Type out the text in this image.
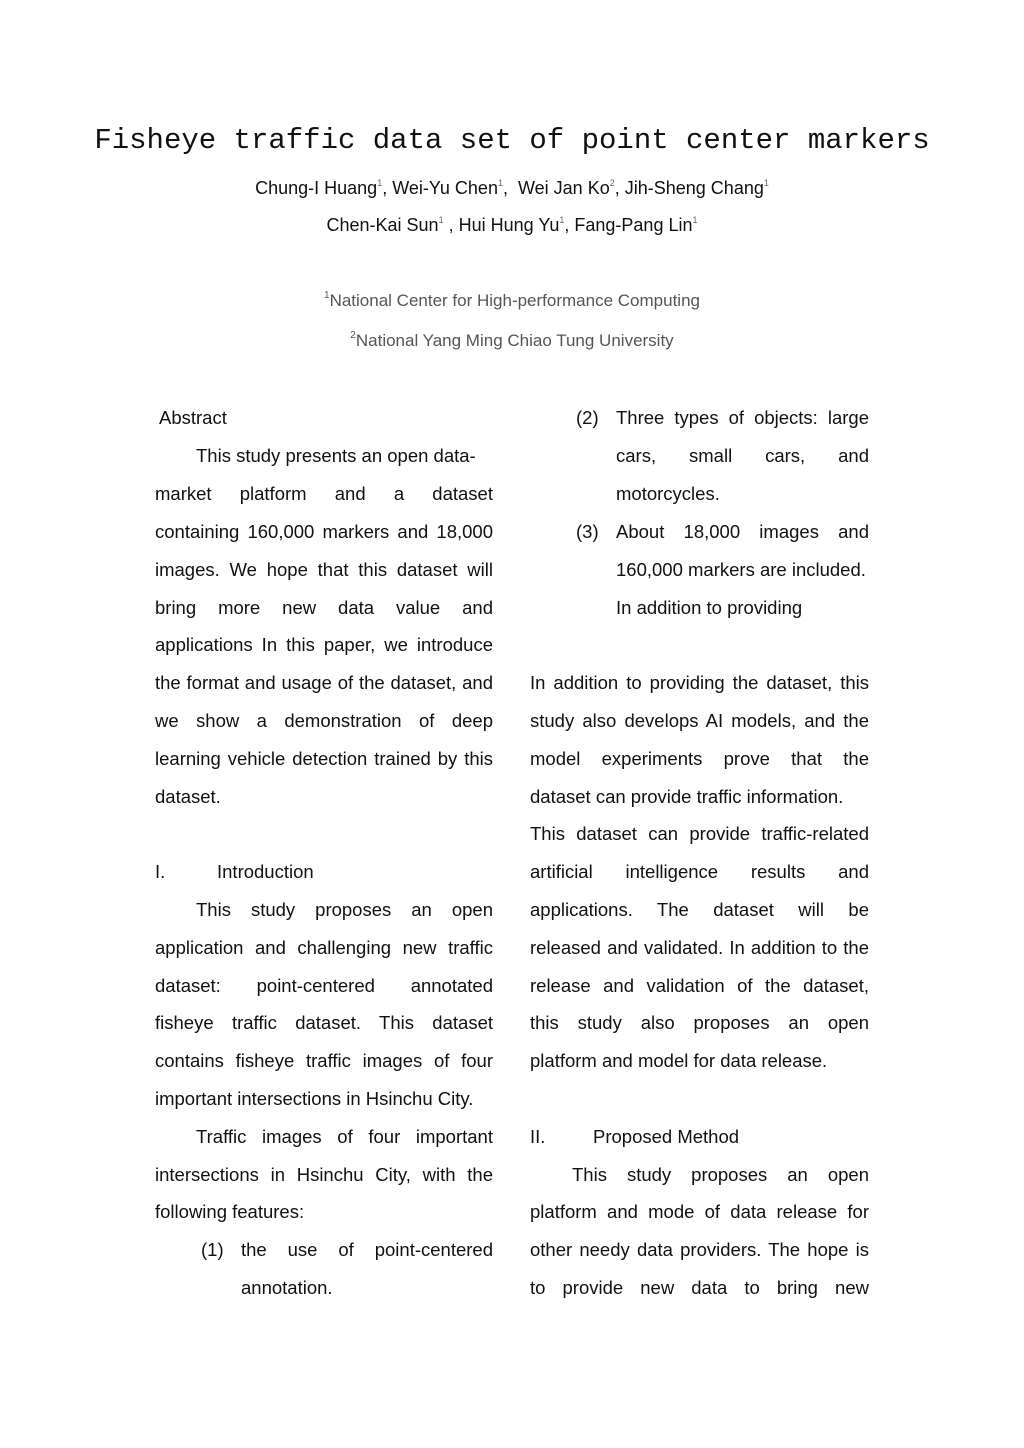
Fisheye traffic data set of point center markers
Chung-I Huang$^1$, Wei-Yu Chen$^1$,  Wei Jan Ko$^2$, Jih-Sheng Chang$^1$
Chen-Kai Sun$^1$ , Hui Hung Yu$^1$, Fang-Pang Lin$^1$
$^1$National Center for High-performance Computing
$^2$National Yang Ming Chiao Tung University
Abstract
This study presents an open data-
market platform and a dataset
containing 160,000 markers and 18,000
images. We hope that this dataset will
bring more new data value and
applications In this paper, we introduce
the format and usage of the dataset, and
we show a demonstration of deep
learning vehicle detection trained by this
dataset.
I.	Introduction
This study proposes an open
application and challenging new traffic
dataset: point-centered annotated
fisheye traffic dataset. This dataset
contains fisheye traffic images of four
important intersections in Hsinchu City.
Traffic images of four important
intersections in Hsinchu City, with the
following features:
(1) the use of point-centered
annotation.
(2) Three types of objects: large
cars, small cars, and
motorcycles.
(3) About 18,000 images and
160,000 markers are included.
In addition to providing
In addition to providing the dataset, this
study also develops AI models, and the
model experiments prove that the
dataset can provide traffic information.
This dataset can provide traffic-related
artificial intelligence results and
applications. The dataset will be
released and validated. In addition to the
release and validation of the dataset,
this study also proposes an open
platform and model for data release.
II.	Proposed Method
This study proposes an open
platform and mode of data release for
other needy data providers. The hope is
to provide new data to bring new
